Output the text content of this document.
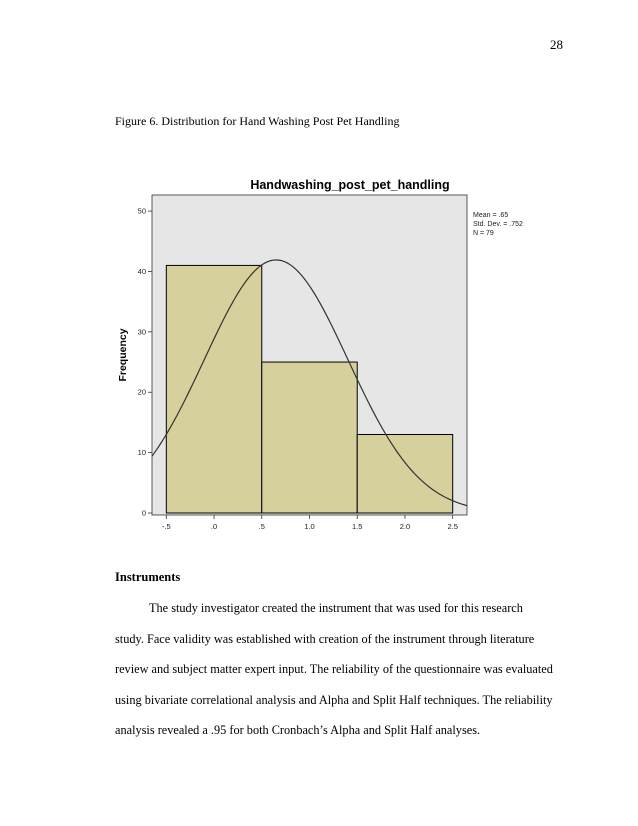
28
Figure 6. Distribution for Hand Washing Post Pet Handling
Handwashing_post_pet_handling
0
10
20
30
40
50
-.5	.0	.5	1.0	1.5	2.0	2.5
Mean = .65
Std. Dev. = .752
N = 79
Frequency
Instruments
The study investigator created the instrument that was used for this research
study. Face validity was established with creation of the instrument through literature
review and subject matter expert input. The reliability of the questionnaire was evaluated
using bivariate correlational analysis and Alpha and Split Half techniques. The reliability
analysis revealed a .95 for both Cronbach’s Alpha and Split Half analyses.
